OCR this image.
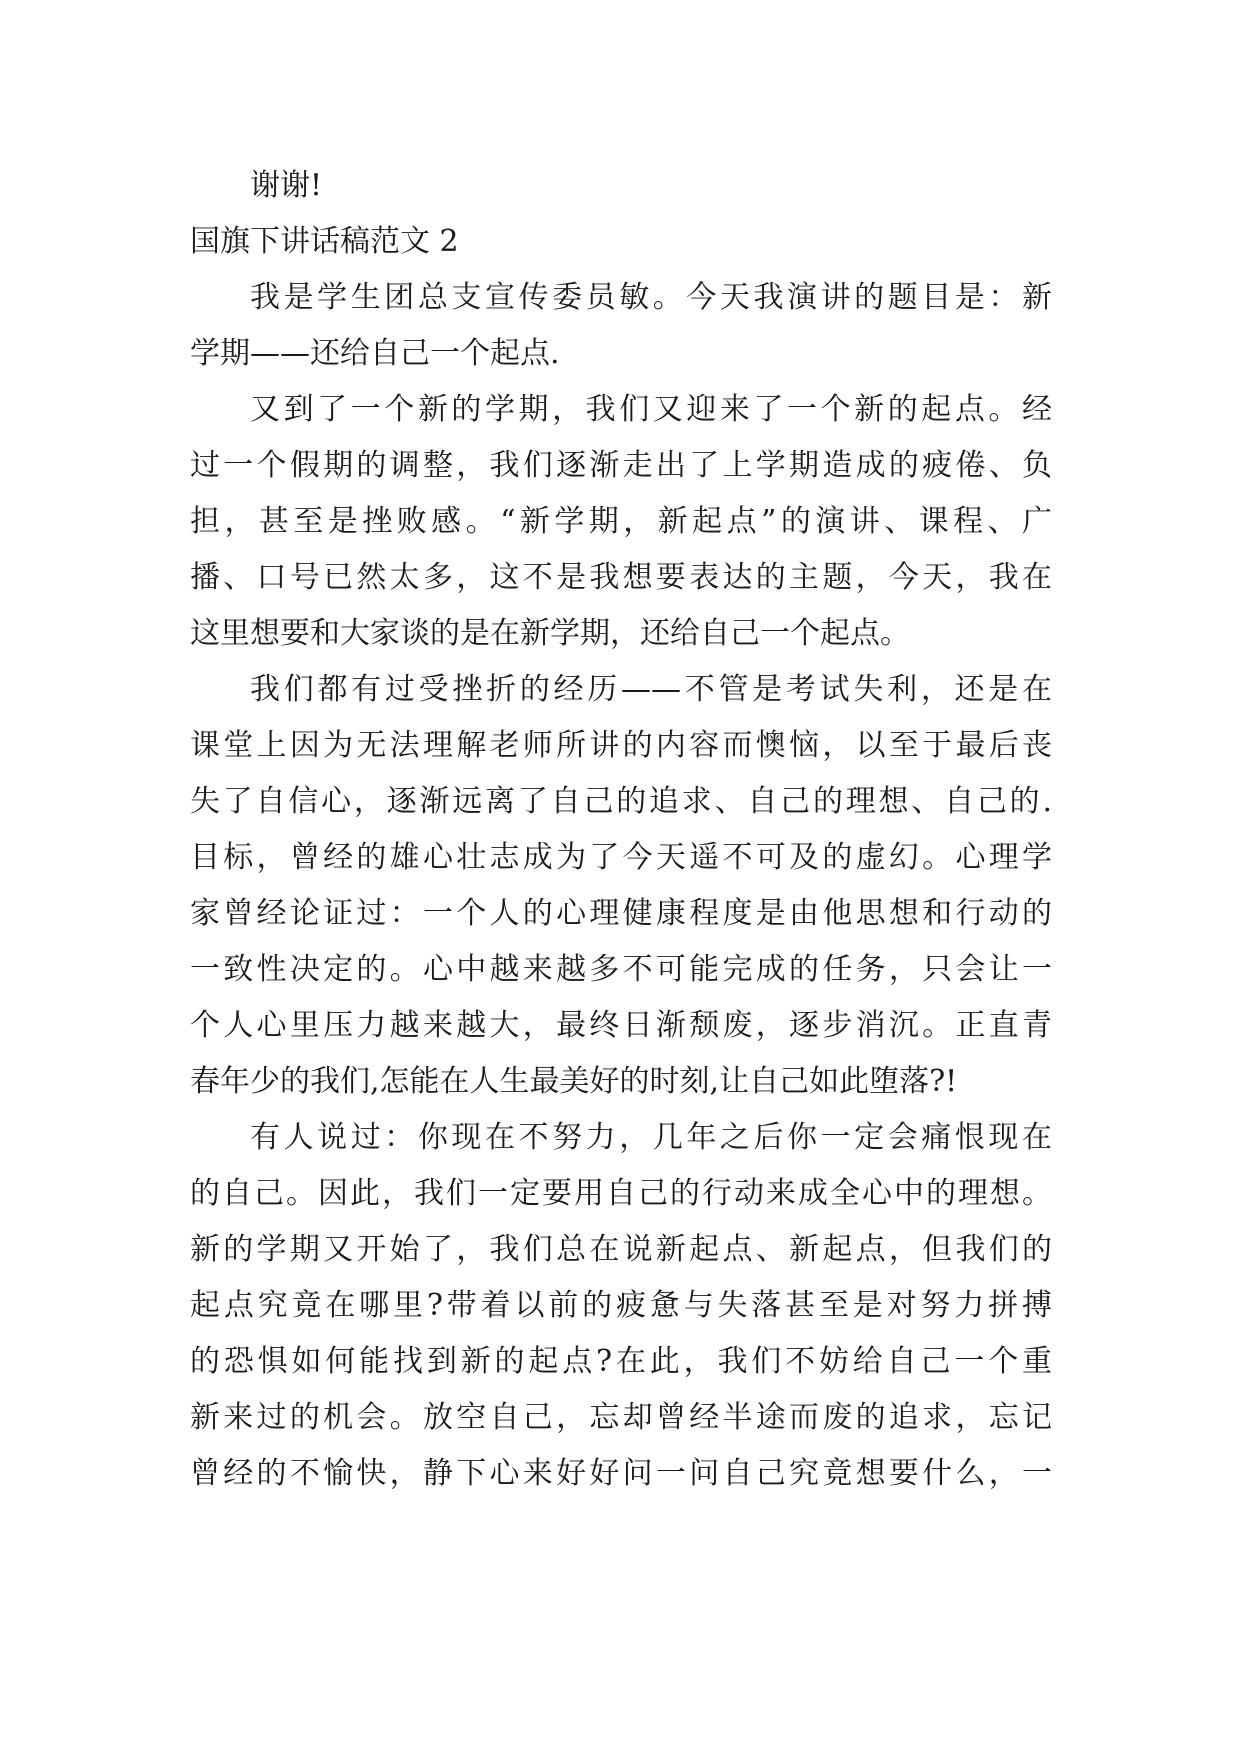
谢谢!
国旗下讲话稿范文 2
我是学生团总支宣传委员敏。今天我演讲的题目是：新
学期——还给自己一个起点.
又到了一个新的学期，我们又迎来了一个新的起点。经
过一个假期的调整，我们逐渐走出了上学期造成的疲倦、负
担，甚至是挫败感。“新学期，新起点”的演讲、课程、广
播、口号已然太多，这不是我想要表达的主题，今天，我在
这里想要和大家谈的是在新学期，还给自己一个起点。
我们都有过受挫折的经历——不管是考试失利，还是在
课堂上因为无法理解老师所讲的内容而懊恼，以至于最后丧
失了自信心，逐渐远离了自己的追求、自己的理想、自己的.
目标，曾经的雄心壮志成为了今天遥不可及的虚幻。心理学
家曾经论证过：一个人的心理健康程度是由他思想和行动的
一致性决定的。心中越来越多不可能完成的任务，只会让一
个人心里压力越来越大，最终日渐颓废，逐步消沉。正直青
春年少的我们,怎能在人生最美好的时刻,让自己如此堕落?!
有人说过：你现在不努力，几年之后你一定会痛恨现在
的自己。因此，我们一定要用自己的行动来成全心中的理想。
新的学期又开始了，我们总在说新起点、新起点，但我们的
起点究竟在哪里?带着以前的疲惫与失落甚至是对努力拼搏
的恐惧如何能找到新的起点?在此，我们不妨给自己一个重
新来过的机会。放空自己，忘却曾经半途而废的追求，忘记
曾经的不愉快，静下心来好好问一问自己究竟想要什么，一
